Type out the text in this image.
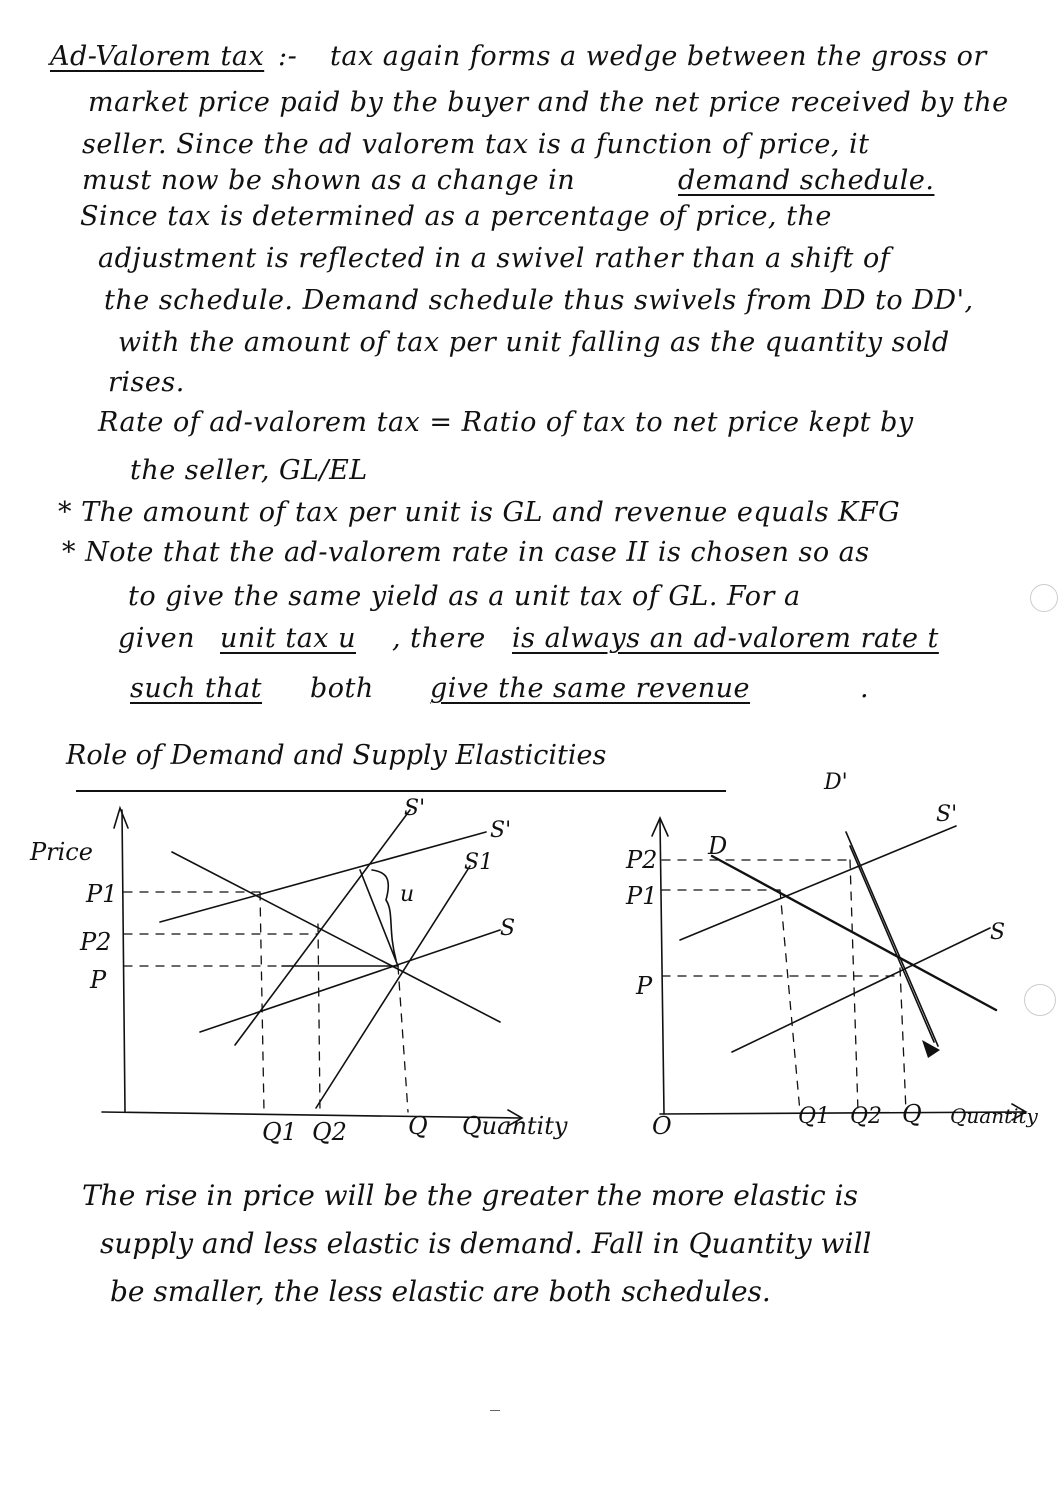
Ad-Valorem tax :- tax again forms a wedge between the gross or
market price paid by the buyer and the net price received by the
seller. Since the ad valorem tax is a function of price, it
must now be shown as a change in	demand schedule.
Since tax is determined as a percentage of price, the
adjustment is reflected in a swivel rather than a shift of
the schedule. Demand schedule thus swivels from DD to DD',
with the amount of tax per unit falling as the quantity sold
rises.
Rate of ad-valorem tax = Ratio of tax to net price kept by
the seller, GL/EL
* The amount of tax per unit is GL and revenue equals KFG
* Note that the ad-valorem rate in case II is chosen so as
to give the same yield as a unit tax of GL. For a
given unit tax u , there is always an ad-valorem rate t
such that both give the same revenue	.
Role of Demand and Supply Elasticities
Price
P1
P2
P
Q1 Q2	Q Quantity
S'
S'
S1
S
u
P2
P1
P
O	Q1 Q2 Q Quantity
D
D'
S'
S
The rise in price will be the greater the more elastic is
supply and less elastic is demand. Fall in Quantity will
be smaller, the less elastic are both schedules.
